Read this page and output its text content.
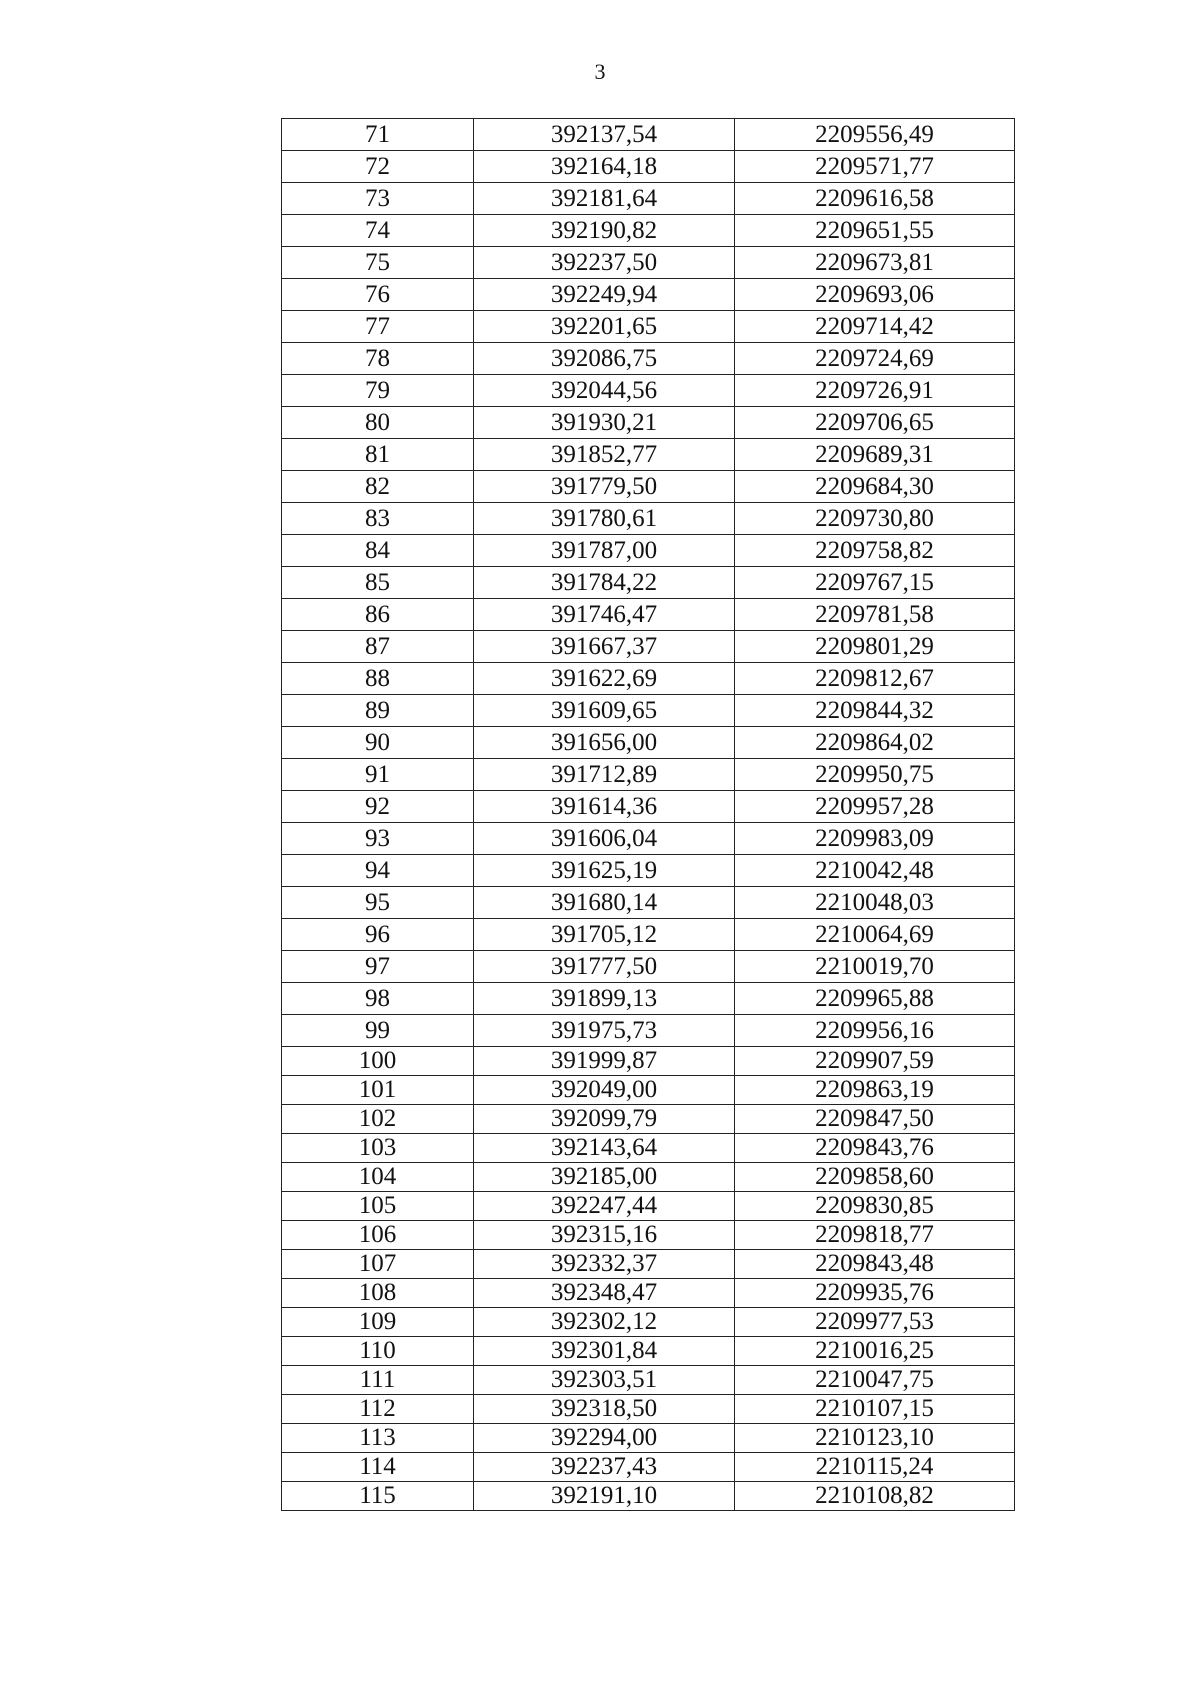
3
71	392137,54	2209556,49
72	392164,18	2209571,77
73	392181,64	2209616,58
74	392190,82	2209651,55
75	392237,50	2209673,81
76	392249,94	2209693,06
77	392201,65	2209714,42
78	392086,75	2209724,69
79	392044,56	2209726,91
80	391930,21	2209706,65
81	391852,77	2209689,31
82	391779,50	2209684,30
83	391780,61	2209730,80
84	391787,00	2209758,82
85	391784,22	2209767,15
86	391746,47	2209781,58
87	391667,37	2209801,29
88	391622,69	2209812,67
89	391609,65	2209844,32
90	391656,00	2209864,02
91	391712,89	2209950,75
92	391614,36	2209957,28
93	391606,04	2209983,09
94	391625,19	2210042,48
95	391680,14	2210048,03
96	391705,12	2210064,69
97	391777,50	2210019,70
98	391899,13	2209965,88
99	391975,73	2209956,16
100	391999,87	2209907,59
101	392049,00	2209863,19
102	392099,79	2209847,50
103	392143,64	2209843,76
104	392185,00	2209858,60
105	392247,44	2209830,85
106	392315,16	2209818,77
107	392332,37	2209843,48
108	392348,47	2209935,76
109	392302,12	2209977,53
110	392301,84	2210016,25
111	392303,51	2210047,75
112	392318,50	2210107,15
113	392294,00	2210123,10
114	392237,43	2210115,24
115	392191,10	2210108,82
